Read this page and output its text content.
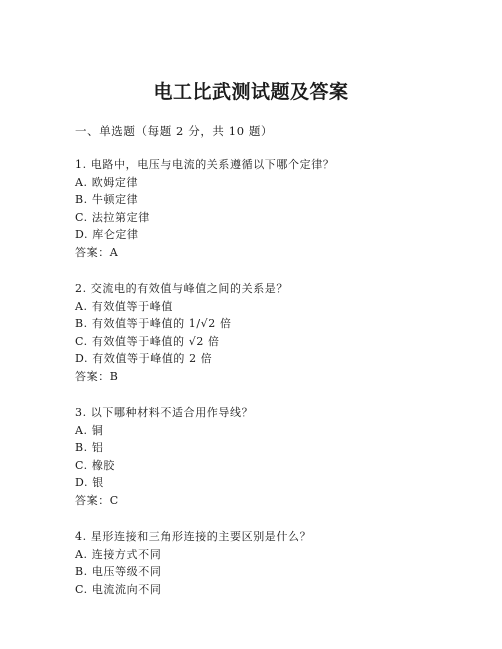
电工比武测试题及答案
一、单选题（每题 2 分，共 10 题）
1. 电路中，电压与电流的关系遵循以下哪个定律？
A. 欧姆定律
B. 牛顿定律
C. 法拉第定律
D. 库仑定律
答案：A
2. 交流电的有效值与峰值之间的关系是？
A. 有效值等于峰值
B. 有效值等于峰值的 1/√2 倍
C. 有效值等于峰值的 √2 倍
D. 有效值等于峰值的 2 倍
答案：B
3. 以下哪种材料不适合用作导线？
A. 铜
B. 铝
C. 橡胶
D. 银
答案：C
4. 星形连接和三角形连接的主要区别是什么？
A. 连接方式不同
B. 电压等级不同
C. 电流流向不同
